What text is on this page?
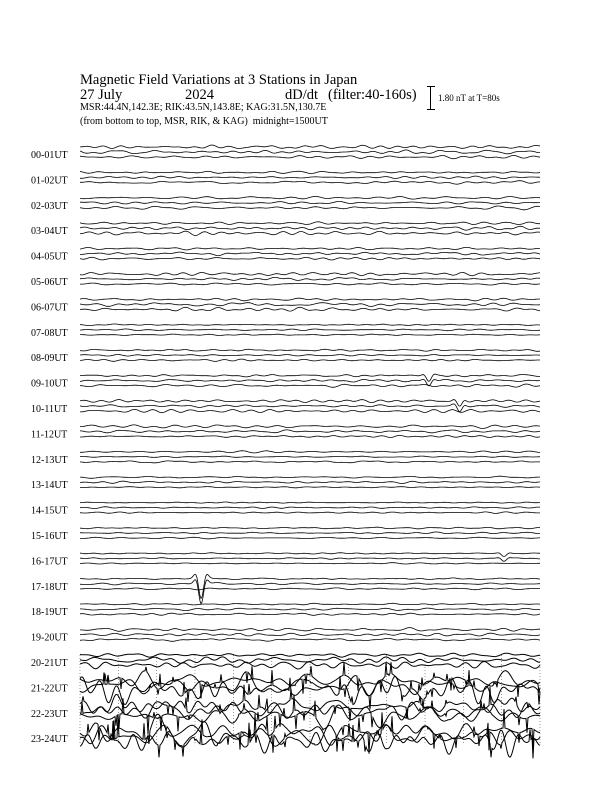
Magnetic Field Variations at 3 Stations in Japan

27 July

	2024

	dD/dt

(filter:40-160s)

MSR:44.4N,142.3E; RIK:43.5N,143.8E; KAG:31.5N,130.7E
(from bottom to top, MSR, RIK, & KAG)  midnight=1500UT
1.80 nT at T=80s
00-01UT
01-02UT
02-03UT
03-04UT
04-05UT
05-06UT
06-07UT
07-08UT
08-09UT
09-10UT
10-11UT
11-12UT
12-13UT
13-14UT
14-15UT
15-16UT
16-17UT
17-18UT
18-19UT
19-20UT
20-21UT
21-22UT
22-23UT
23-24UT
